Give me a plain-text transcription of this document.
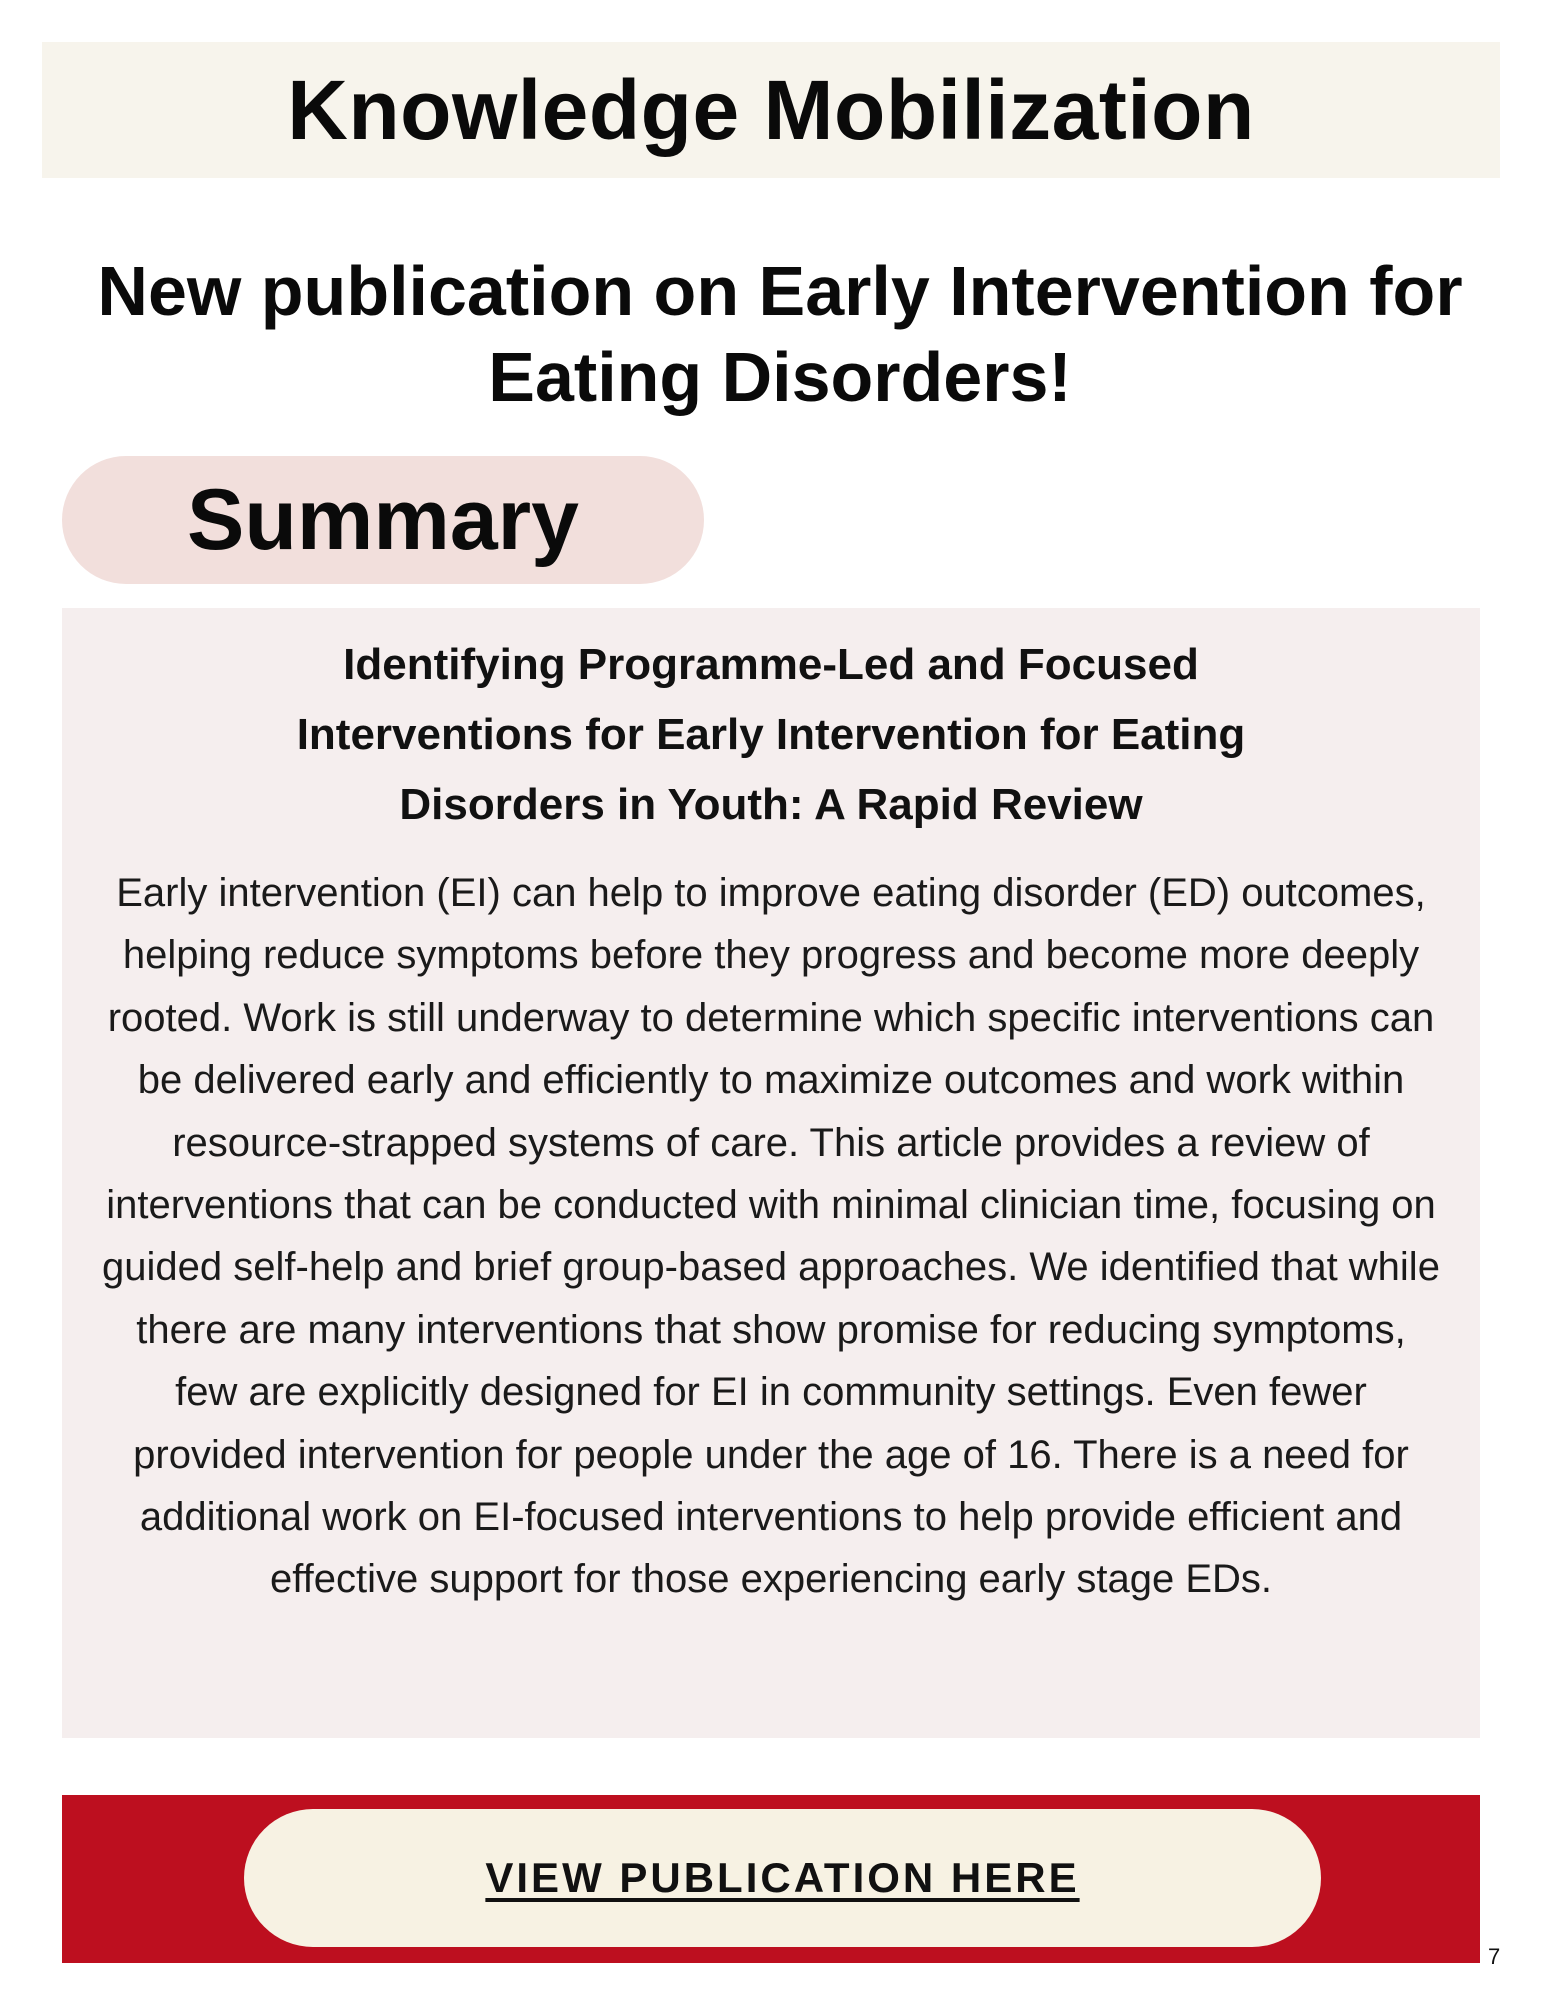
Knowledge Mobilization
New publication on Early Intervention for Eating Disorders!
Summary

Identifying Programme-Led and Focused Interventions for Early Intervention for Eating Disorders in Youth: A Rapid Review

Early intervention (EI) can help to improve eating disorder (ED) outcomes, helping reduce symptoms before they progress and become more deeply rooted. Work is still underway to determine which specific interventions can be delivered early and efficiently to maximize outcomes and work within resource-strapped systems of care. This article provides a review of interventions that can be conducted with minimal clinician time, focusing on guided self-help and brief group-based approaches. We identified that while there are many interventions that show promise for reducing symptoms, few are explicitly designed for EI in community settings. Even fewer provided intervention for people under the age of 16. There is a need for additional work on EI-focused interventions to help provide efficient and effective support for those experiencing early stage EDs.

VIEW PUBLICATION HERE
7
